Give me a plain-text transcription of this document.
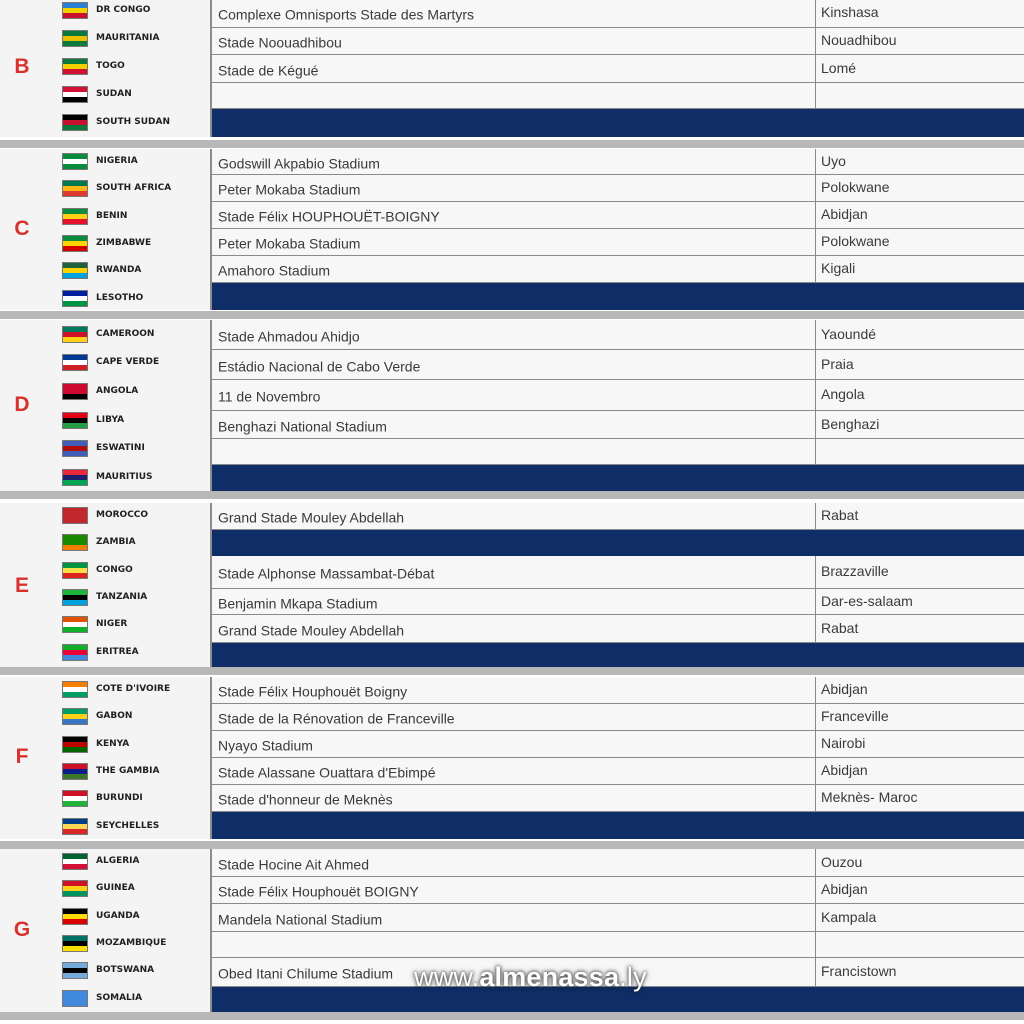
B
DR CONGO
MAURITANIA
TOGO
SUDAN
SOUTH SUDAN
Complexe Omnisports Stade des Martyrs	Kinshasa
Stade Noouadhibou	Nouadhibou
Stade de Kégué	Lomé
C
NIGERIA
SOUTH AFRICA
BENIN
ZIMBABWE
RWANDA
LESOTHO
Godswill Akpabio Stadium	Uyo
Peter Mokaba Stadium	Polokwane
Stade Félix HOUPHOUËT-BOIGNY	Abidjan
Peter Mokaba Stadium	Polokwane
Amahoro Stadium	Kigali
D
CAMEROON
CAPE VERDE
ANGOLA
LIBYA
ESWATINI
MAURITIUS
Stade Ahmadou Ahidjo	Yaoundé
Estádio Nacional de Cabo Verde	Praia
11 de Novembro	Angola
Benghazi National Stadium	Benghazi
E
MOROCCO
ZAMBIA
CONGO
TANZANIA
NIGER
ERITREA
Grand Stade Mouley Abdellah	Rabat
Stade Alphonse Massambat-Débat	Brazzaville
Benjamin Mkapa Stadium	Dar-es-salaam
Grand Stade Mouley Abdellah	Rabat
F
COTE D'IVOIRE
GABON
KENYA
THE GAMBIA
BURUNDI
SEYCHELLES
Stade Félix Houphouët Boigny	Abidjan
Stade de la Rénovation de Franceville	Franceville
Nyayo Stadium	Nairobi
Stade Alassane Ouattara d'Ebimpé	Abidjan
Stade d'honneur de Meknès	Meknès- Maroc
G
ALGERIA
GUINEA
UGANDA
MOZAMBIQUE
BOTSWANA
SOMALIA
Stade Hocine Ait Ahmed	Ouzou
Stade Félix Houphouët BOIGNY	Abidjan
Mandela National Stadium	Kampala
Obed Itani Chilume Stadium	Francistown
www.almenassa.ly
